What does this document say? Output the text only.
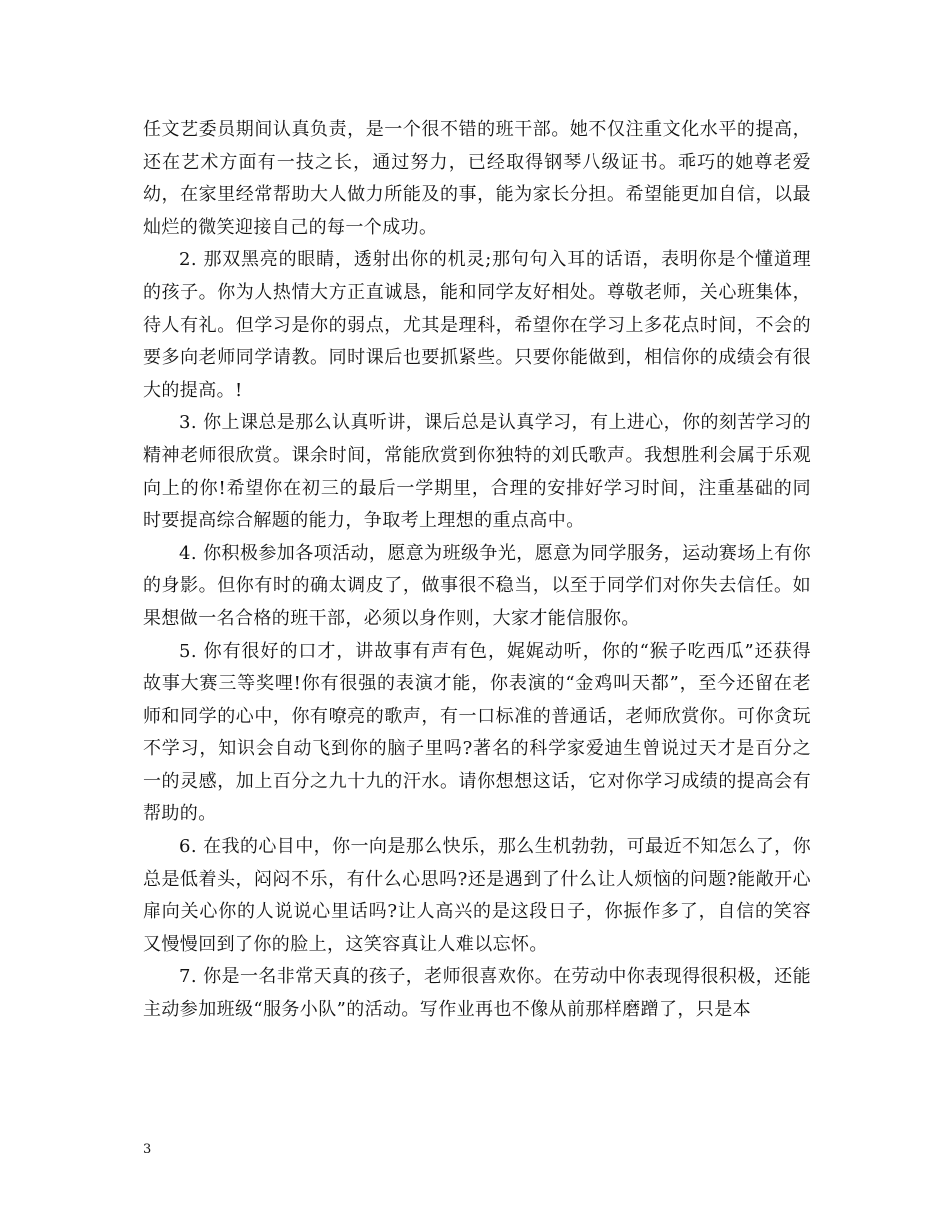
任文艺委员期间认真负责，是一个很不错的班干部。她不仅注重文化水平的提高，还在艺术方面有一技之长，通过努力，已经取得钢琴八级证书。乖巧的她尊老爱幼，在家里经常帮助大人做力所能及的事，能为家长分担。希望能更加自信，以最灿烂的微笑迎接自己的每一个成功。

2. 那双黑亮的眼睛，透射出你的机灵;那句句入耳的话语，表明你是个懂道理的孩子。你为人热情大方正直诚恳，能和同学友好相处。尊敬老师，关心班集体，待人有礼。但学习是你的弱点，尤其是理科，希望你在学习上多花点时间，不会的要多向老师同学请教。同时课后也要抓紧些。只要你能做到，相信你的成绩会有很大的提高。!

3. 你上课总是那么认真听讲，课后总是认真学习，有上进心，你的刻苦学习的精神老师很欣赏。课余时间，常能欣赏到你独特的刘氏歌声。我想胜利会属于乐观向上的你!希望你在初三的最后一学期里，合理的安排好学习时间，注重基础的同时要提高综合解题的能力，争取考上理想的重点高中。

4. 你积极参加各项活动，愿意为班级争光，愿意为同学服务，运动赛场上有你的身影。但你有时的确太调皮了，做事很不稳当，以至于同学们对你失去信任。如果想做一名合格的班干部，必须以身作则，大家才能信服你。

5. 你有很好的口才，讲故事有声有色，娓娓动听，你的“猴子吃西瓜”还获得故事大赛三等奖哩!你有很强的表演才能，你表演的“金鸡叫天都”，至今还留在老师和同学的心中，你有嘹亮的歌声，有一口标准的普通话，老师欣赏你。可你贪玩不学习，知识会自动飞到你的脑子里吗?著名的科学家爱迪生曾说过天才是百分之一的灵感，加上百分之九十九的汗水。请你想想这话，它对你学习成绩的提高会有帮助的。

6. 在我的心目中，你一向是那么快乐，那么生机勃勃，可最近不知怎么了，你总是低着头，闷闷不乐，有什么心思吗?还是遇到了什么让人烦恼的问题?能敞开心扉向关心你的人说说心里话吗?让人高兴的是这段日子，你振作多了，自信的笑容又慢慢回到了你的脸上，这笑容真让人难以忘怀。

7. 你是一名非常天真的孩子，老师很喜欢你。在劳动中你表现得很积极，还能主动参加班级“服务小队”的活动。写作业再也不像从前那样磨蹭了，只是本

3
